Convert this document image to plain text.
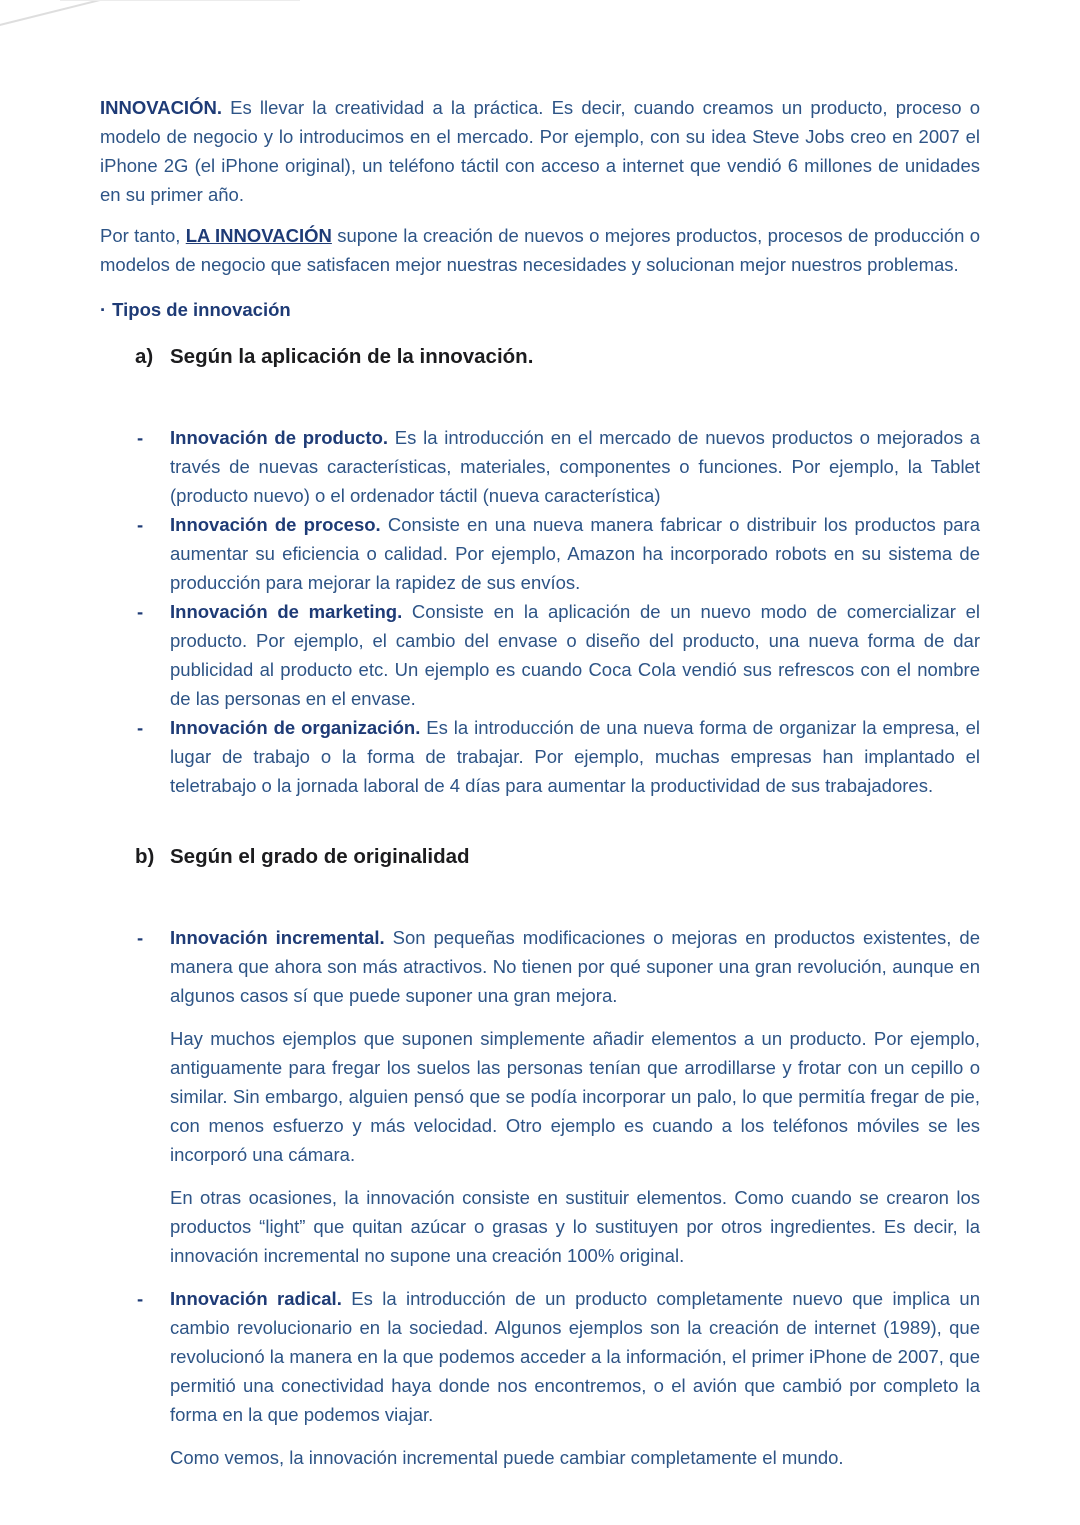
INNOVACIÓN. Es llevar la creatividad a la práctica. Es decir, cuando creamos un producto, proceso o modelo de negocio y lo introducimos en el mercado. Por ejemplo, con su idea Steve Jobs creo en 2007 el iPhone 2G (el iPhone original), un teléfono táctil con acceso a internet que vendió 6 millones de unidades en su primer año.

Por tanto, LA INNOVACIÓN supone la creación de nuevos o mejores productos, procesos de producción o modelos de negocio que satisfacen mejor nuestras necesidades y solucionan mejor nuestros problemas.

· Tipos de innovación
a) Según la aplicación de la innovación.
-	Innovación de producto. Es la introducción en el mercado de nuevos productos o mejorados a través de nuevas características, materiales, componentes o funciones. Por ejemplo, la Tablet (producto nuevo) o el ordenador táctil (nueva característica)
-	Innovación de proceso. Consiste en una nueva manera fabricar o distribuir los productos para aumentar su eficiencia o calidad. Por ejemplo, Amazon ha incorporado robots en su sistema de producción para mejorar la rapidez de sus envíos.
-	Innovación de marketing. Consiste en la aplicación de un nuevo modo de comercializar el producto. Por ejemplo, el cambio del envase o diseño del producto, una nueva forma de dar publicidad al producto etc. Un ejemplo es cuando Coca Cola vendió sus refrescos con el nombre de las personas en el envase.
-	Innovación de organización. Es la introducción de una nueva forma de organizar la empresa, el lugar de trabajo o la forma de trabajar. Por ejemplo, muchas empresas han implantado el teletrabajo o la jornada laboral de 4 días para aumentar la productividad de sus trabajadores.
b) Según el grado de originalidad
-	Innovación incremental. Son pequeñas modificaciones o mejoras en productos existentes, de manera que ahora son más atractivos. No tienen por qué suponer una gran revolución, aunque en algunos casos sí que puede suponer una gran mejora.

Hay muchos ejemplos que suponen simplemente añadir elementos a un producto. Por ejemplo, antiguamente para fregar los suelos las personas tenían que arrodillarse y frotar con un cepillo o similar. Sin embargo, alguien pensó que se podía incorporar un palo, lo que permitía fregar de pie, con menos esfuerzo y más velocidad. Otro ejemplo es cuando a los teléfonos móviles se les incorporó una cámara.

En otras ocasiones, la innovación consiste en sustituir elementos. Como cuando se crearon los productos “light” que quitan azúcar o grasas y lo sustituyen por otros ingredientes. Es decir, la innovación incremental no supone una creación 100% original.

-	Innovación radical. Es la introducción de un producto completamente nuevo que implica un cambio revolucionario en la sociedad. Algunos ejemplos son la creación de internet (1989), que revolucionó la manera en la que podemos acceder a la información, el primer iPhone de 2007, que permitió una conectividad haya donde nos encontremos, o el avión que cambió por completo la forma en la que podemos viajar.

Como vemos, la innovación incremental puede cambiar completamente el mundo.
